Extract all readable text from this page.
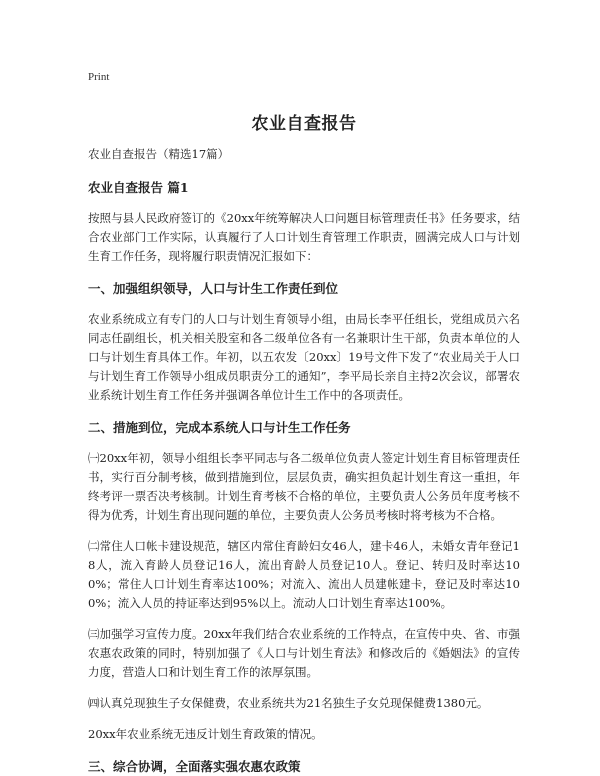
Print
农业自查报告
农业自查报告（精选17篇）
农业自查报告 篇1

按照与县人民政府签订的《20xx年统筹解决人口问题目标管理责任书》任务要求，结合农业部门工作实际，认真履行了人口计划生育管理工作职责，圆满完成人口与计划生育工作任务，现将履行职责情况汇报如下：

一、加强组织领导，人口与计生工作责任到位

农业系统成立有专门的人口与计划生育领导小组，由局长李平任组长，党组成员六名同志任副组长，机关相关股室和各二级单位各有一名兼职计生干部，负责本单位的人口与计划生育具体工作。年初，以五农发〔20xx〕19号文件下发了“农业局关于人口与计划生育工作领导小组成员职责分工的通知”，李平局长亲自主持2次会议，部署农业系统计划生育工作任务并强调各单位计生工作中的各项责任。

二、措施到位，完成本系统人口与计生工作任务

㈠20xx年初，领导小组组长李平同志与各二级单位负责人签定计划生育目标管理责任书，实行百分制考核，做到措施到位，层层负责，确实担负起计划生育这一重担，年终考评一票否决考核制。计划生育考核不合格的单位，主要负责人公务员年度考核不得为优秀，计划生育出现问题的单位，主要负责人公务员考核时将考核为不合格。

㈡常住人口帐卡建设规范，辖区内常住育龄妇女46人，建卡46人，未婚女青年登记18人，流入育龄人员登记16人，流出育龄人员登记10人。登记、转归及时率达100%；常住人口计划生育率达100%；对流入、流出人员建帐建卡，登记及时率达100%；流入人员的持证率达到95%以上。流动人口计划生育率达100%。

㈢加强学习宣传力度。20xx年我们结合农业系统的工作特点，在宣传中央、省、市强农惠农政策的同时，特别加强了《人口与计划生育法》和修改后的《婚姻法》的宣传力度，营造人口和计划生育工作的浓厚氛围。

㈣认真兑现独生子女保健费，农业系统共为21名独生子女兑现保健费1380元。

20xx年农业系统无违反计划生育政策的情况。

三、综合协调，全面落实强农惠农政策
